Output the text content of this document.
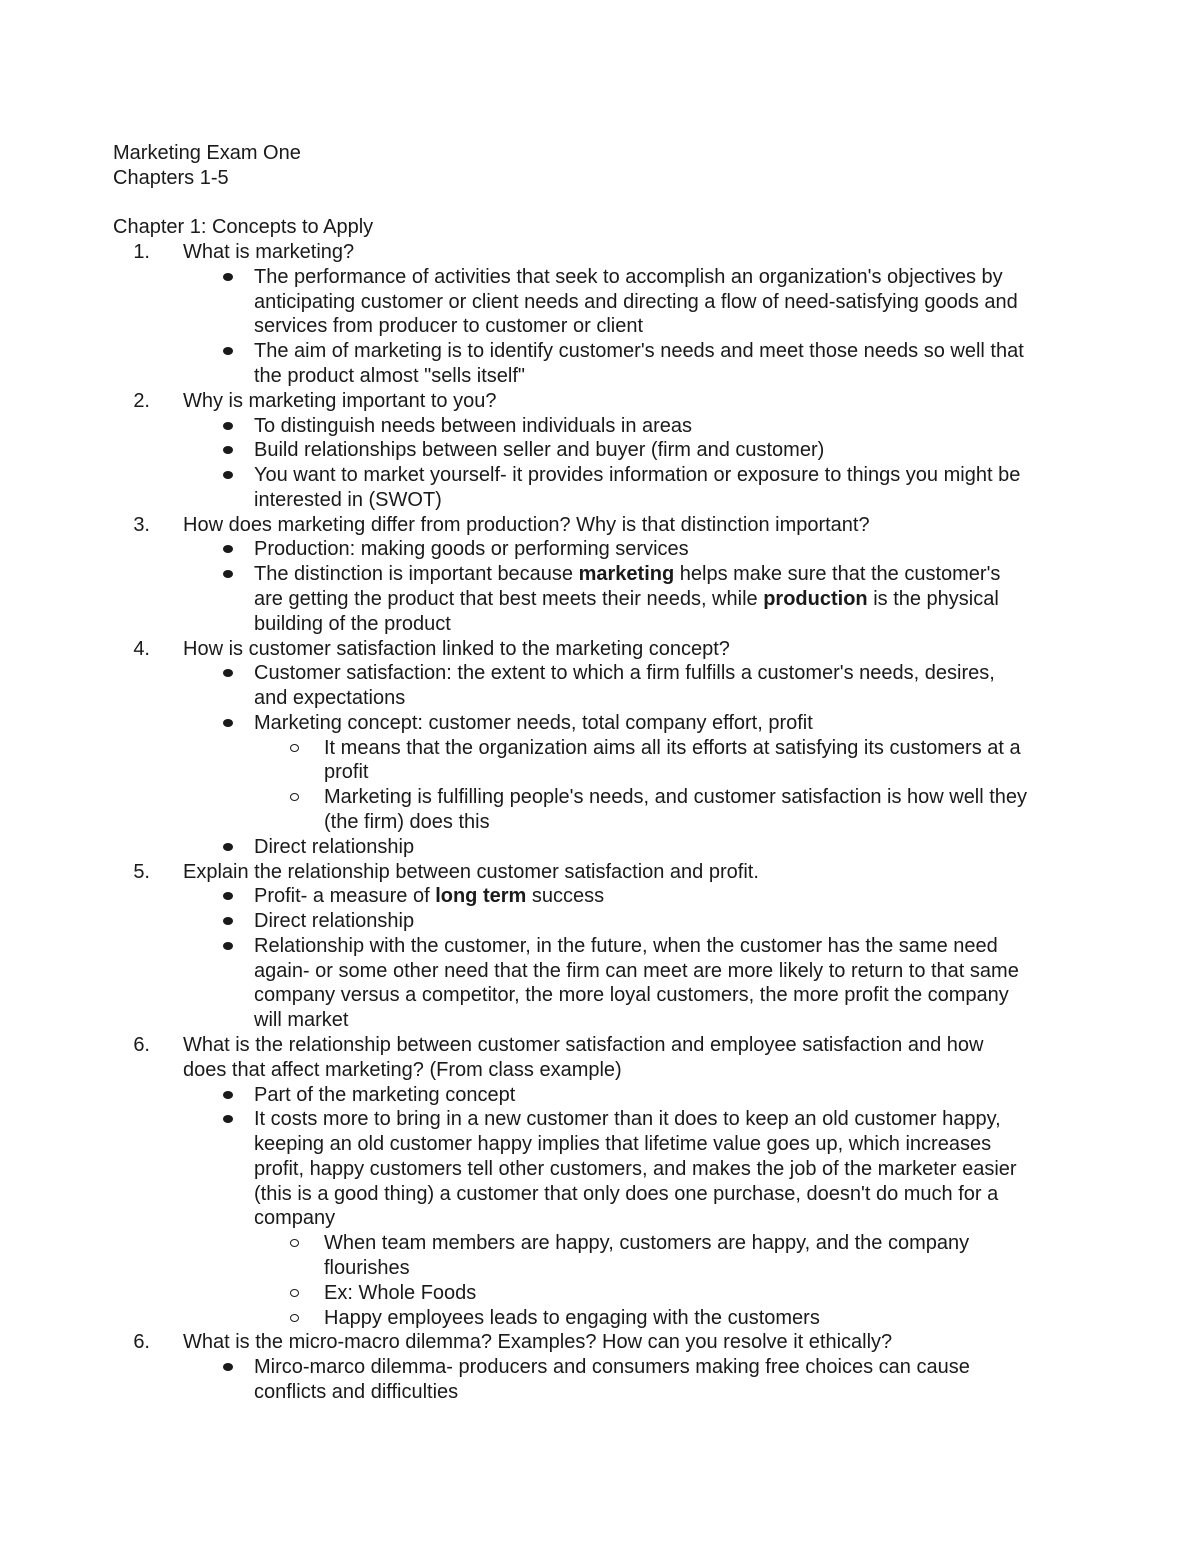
Marketing Exam One
Chapters 1-5
Chapter 1: Concepts to Apply
1. What is marketing?
The performance of activities that seek to accomplish an organization's objectives by
anticipating customer or client needs and directing a flow of need-satisfying goods and
services from producer to customer or client
The aim of marketing is to identify customer's needs and meet those needs so well that
the product almost "sells itself"
2. Why is marketing important to you?
To distinguish needs between individuals in areas
Build relationships between seller and buyer (firm and customer)
You want to market yourself- it provides information or exposure to things you might be
interested in (SWOT)
3. How does marketing differ from production? Why is that distinction important?
Production: making goods or performing services
The distinction is important because marketing helps make sure that the customer's
are getting the product that best meets their needs, while production is the physical
building of the product
4. How is customer satisfaction linked to the marketing concept?
Customer satisfaction: the extent to which a firm fulfills a customer's needs, desires,
and expectations
Marketing concept: customer needs, total company effort, profit
It means that the organization aims all its efforts at satisfying its customers at a
profit
Marketing is fulfilling people's needs, and customer satisfaction is how well they
(the firm) does this
Direct relationship
5. Explain the relationship between customer satisfaction and profit.
Profit- a measure of long term success
Direct relationship
Relationship with the customer, in the future, when the customer has the same need
again- or some other need that the firm can meet are more likely to return to that same
company versus a competitor, the more loyal customers, the more profit the company
will market
6. What is the relationship between customer satisfaction and employee satisfaction and how
does that affect marketing? (From class example)
Part of the marketing concept
It costs more to bring in a new customer than it does to keep an old customer happy,
keeping an old customer happy implies that lifetime value goes up, which increases
profit, happy customers tell other customers, and makes the job of the marketer easier
(this is a good thing) a customer that only does one purchase, doesn't do much for a
company
When team members are happy, customers are happy, and the company
flourishes
Ex: Whole Foods
Happy employees leads to engaging with the customers
6. What is the micro-macro dilemma? Examples? How can you resolve it ethically?
Mirco-marco dilemma- producers and consumers making free choices can cause
conflicts and difficulties
